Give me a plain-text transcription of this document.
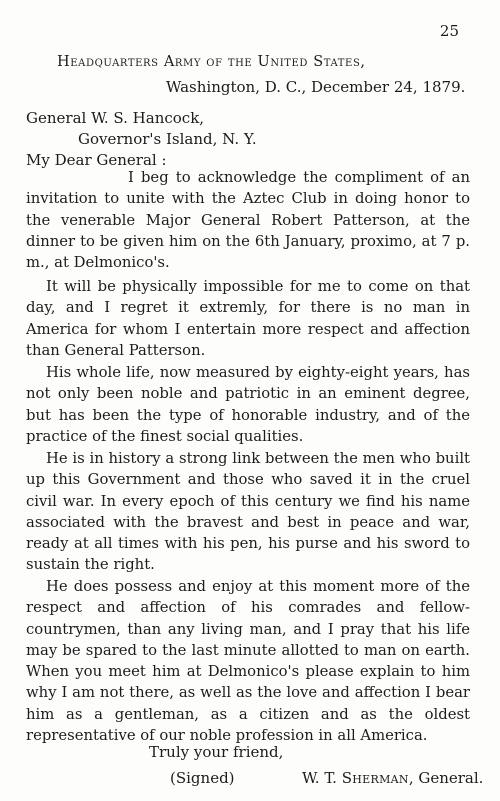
25
Headquarters Army of the United States,
Washington, D. C., December 24, 1879.
General W. S. Hancock,
Governor's Island, N. Y.
My Dear General :

I beg to acknowledge the compliment of an invitation to unite with the Aztec Club in doing honor to the venerable Major General Robert Patterson, at the dinner to be given him on the 6th January, proximo, at 7 p. m., at Delmonico's.

It will be physically impossible for me to come on that day, and I regret it extremly, for there is no man in America for whom I entertain more respect and affection than General Patterson.

His whole life, now measured by eighty-eight years, has not only been noble and patriotic in an eminent degree, but has been the type of honorable industry, and of the practice of the finest social qualities.

He is in history a strong link between the men who built up this Government and those who saved it in the cruel civil war. In every epoch of this century we find his name associated with the bravest and best in peace and war, ready at all times with his pen, his purse and his sword to sustain the right.

He does possess and enjoy at this moment more of the respect and affection of his comrades and fellow-countrymen, than any living man, and I pray that his life may be spared to the last minute allotted to man on earth. When you meet him at Delmonico's please explain to him why I am not there, as well as the love and affection I bear him as a gentleman, as a citizen and as the oldest representative of our noble profession in all America.

Truly your friend,
(Signed)	W. T. Sherman, General.
